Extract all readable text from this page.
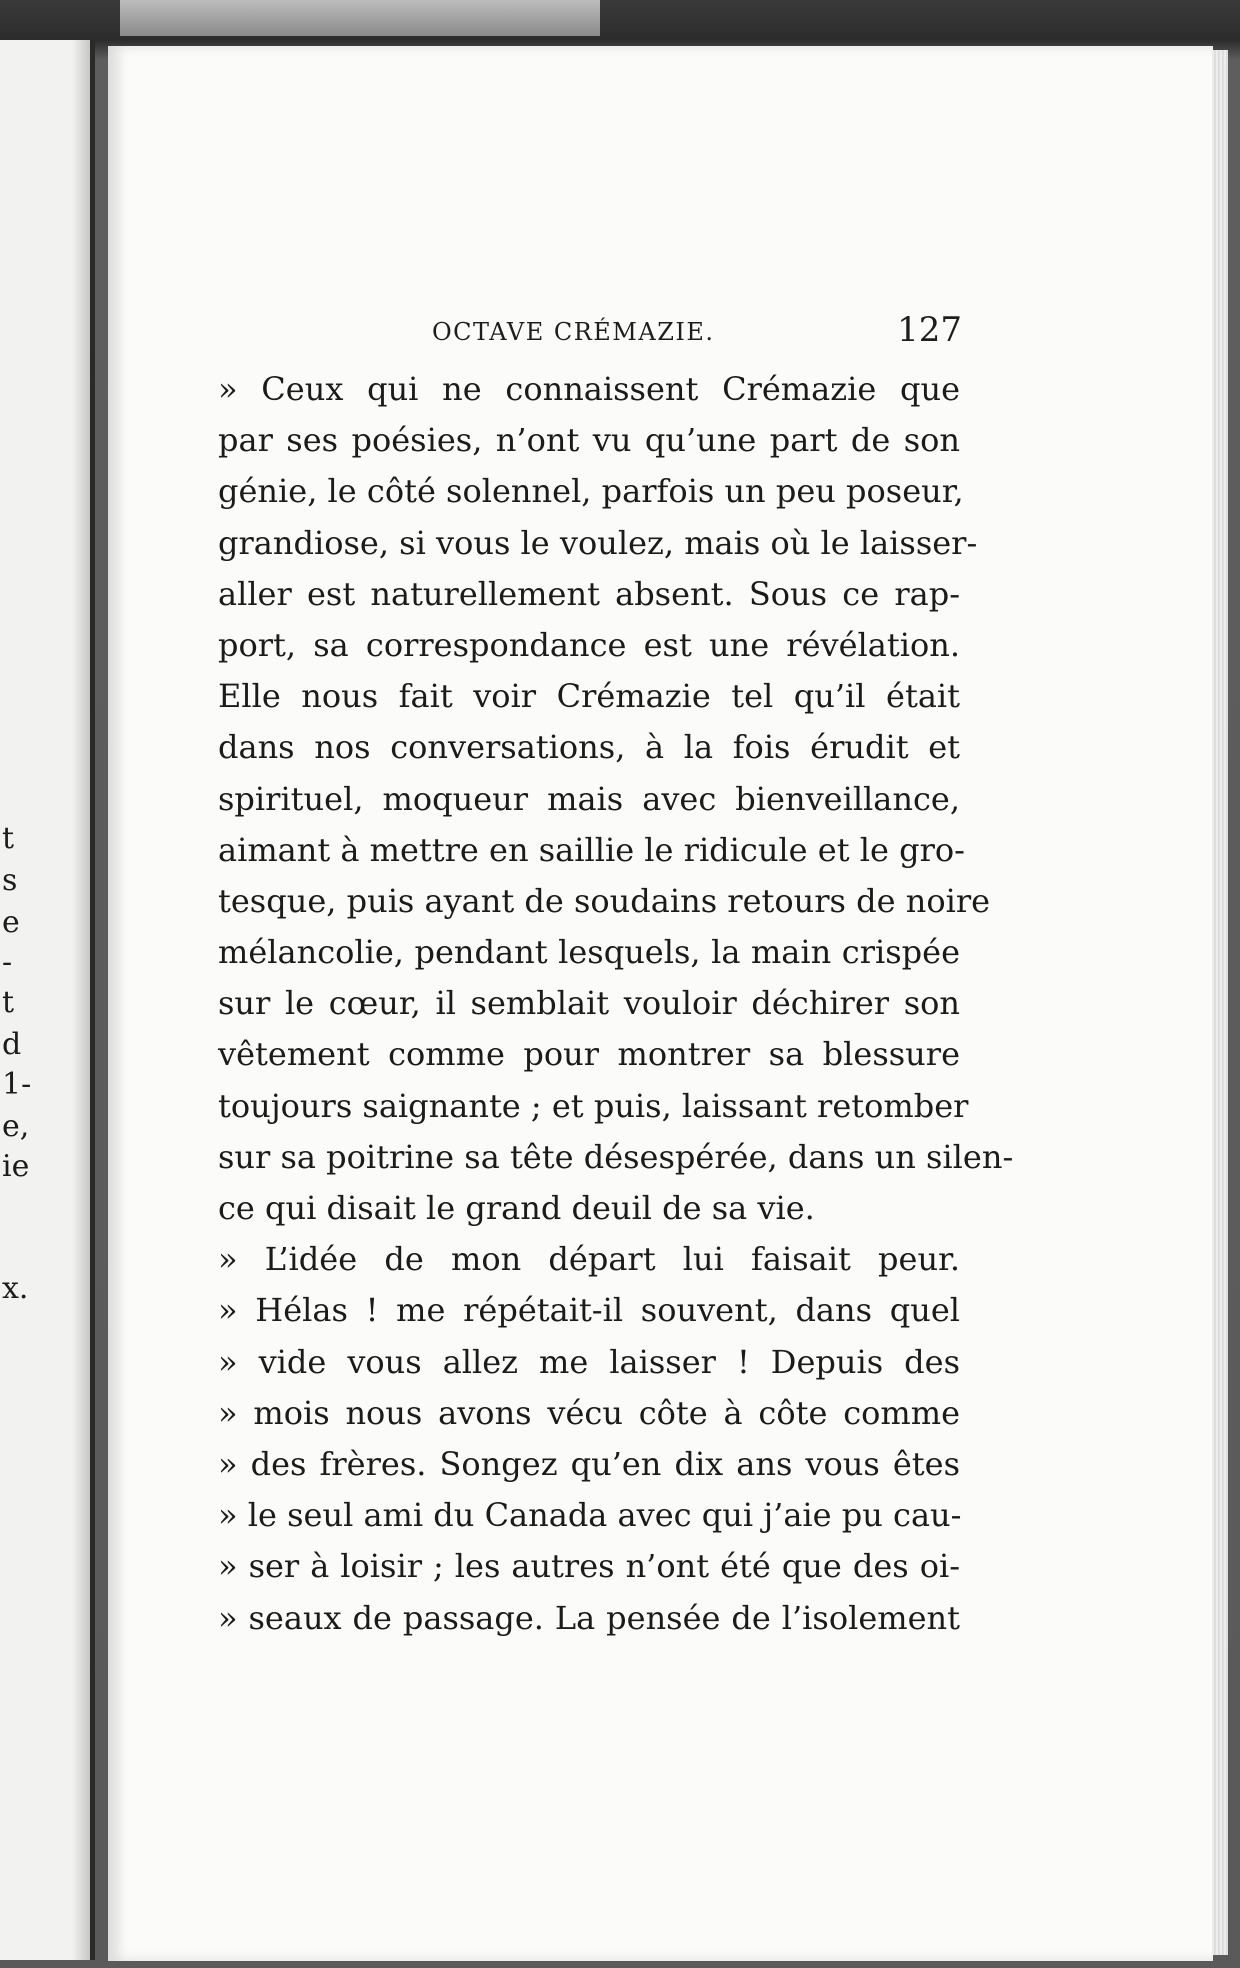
t
s
e
-
t
d
1-
e,
ie
x.
OCTAVE CRÉMAZIE.	127
» Ceux qui ne connaissent Crémazie que
par ses poésies, n’ont vu qu’une part de son
génie, le côté solennel, parfois un peu poseur,
grandiose, si vous le voulez, mais où le laisser-
aller est naturellement absent. Sous ce rap-
port, sa correspondance est une révélation.
Elle nous fait voir Crémazie tel qu’il était
dans nos conversations, à la fois érudit et
spirituel, moqueur mais avec bienveillance,
aimant à mettre en saillie le ridicule et le gro-
tesque, puis ayant de soudains retours de noire
mélancolie, pendant lesquels, la main crispée
sur le cœur, il semblait vouloir déchirer son
vêtement comme pour montrer sa blessure
toujours saignante ; et puis, laissant retomber
sur sa poitrine sa tête désespérée, dans un silen-
ce qui disait le grand deuil de sa vie.
» L’idée de mon départ lui faisait peur.
» Hélas ! me répétait-il souvent, dans quel
» vide vous allez me laisser ! Depuis des
» mois nous avons vécu côte à côte comme
» des frères. Songez qu’en dix ans vous êtes
» le seul ami du Canada avec qui j’aie pu cau-
» ser à loisir ; les autres n’ont été que des oi-
» seaux de passage. La pensée de l’isolement
